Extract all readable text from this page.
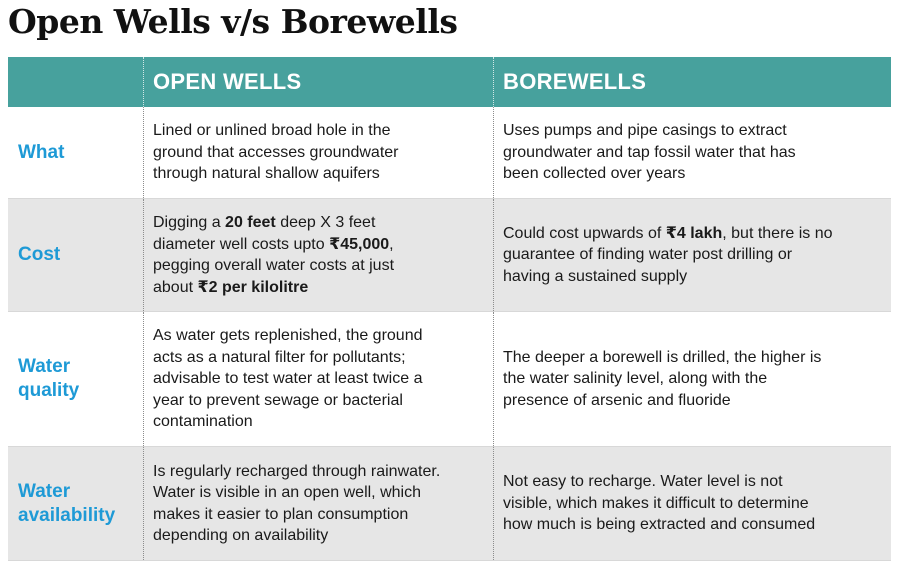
Open Wells v/s Borewells
OPEN WELLS	BOREWELLS
What
Lined or unlined broad hole in the
ground that accesses groundwater
through natural shallow aquifers
Uses pumps and pipe casings to extract
groundwater and tap fossil water that has
been collected over years
Cost
Digging a 20 feet deep X 3 feet
diameter well costs upto ₹45,000,
pegging overall water costs at just
about ₹2 per kilolitre
Could cost upwards of ₹4 lakh, but there is no
guarantee of finding water post drilling or
having a sustained supply
Water
quality
As water gets replenished, the ground
acts as a natural filter for pollutants;
advisable to test water at least twice a
year to prevent sewage or bacterial
contamination
The deeper a borewell is drilled, the higher is
the water salinity level, along with the
presence of arsenic and fluoride
Water
availability
Is regularly recharged through rainwater.
Water is visible in an open well, which
makes it easier to plan consumption
depending on availability
Not easy to recharge. Water level is not
visible, which makes it difficult to determine
how much is being extracted and consumed
